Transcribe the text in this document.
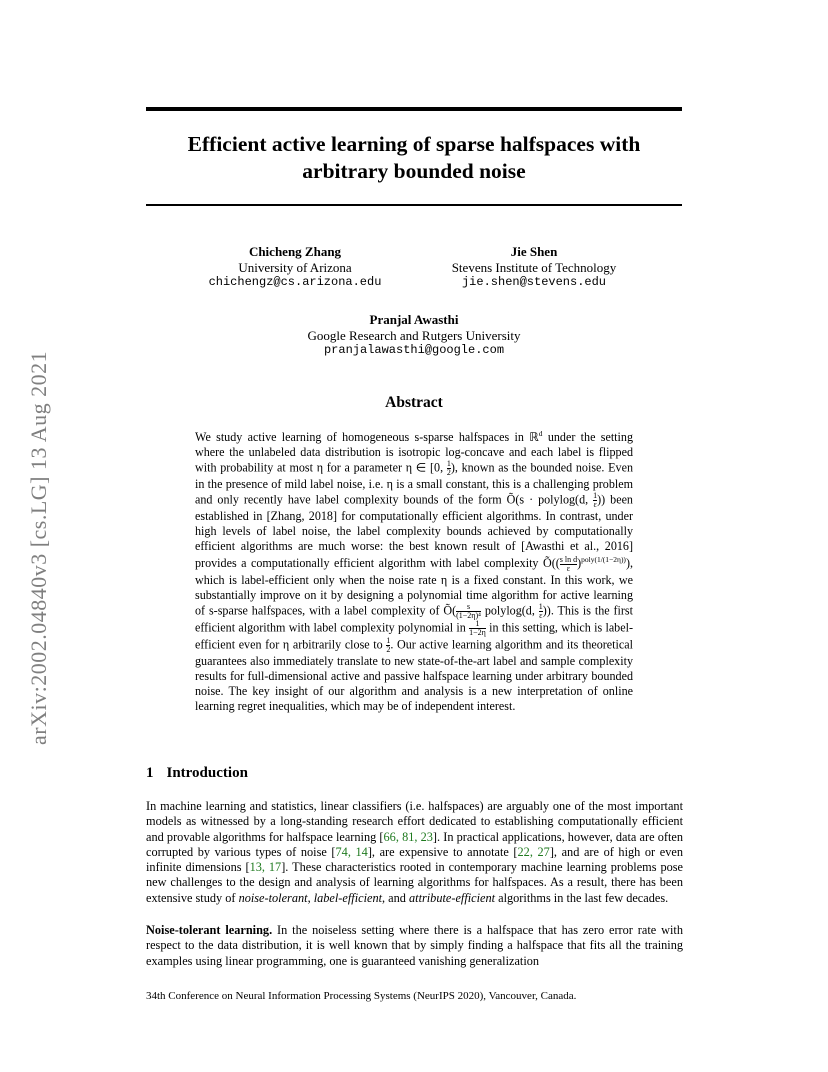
arXiv:2002.04840v3 [cs.LG] 13 Aug 2021
Efficient active learning of sparse halfspaces with arbitrary bounded noise
Chicheng Zhang
University of Arizona
chichengz@cs.arizona.edu
Jie Shen
Stevens Institute of Technology
jie.shen@stevens.edu
Pranjal Awasthi
Google Research and Rutgers University
pranjalawasthi@google.com
Abstract

We study active learning of homogeneous s-sparse halfspaces in ℝ$^d$ under the setting where the unlabeled data distribution is isotropic log-concave and each label is flipped with probability at most η for a parameter η ∈ [0, $\frac{1}{2}$ ), known as the bounded noise. Even in the presence of mild label noise, i.e. η is a small constant, this is a challenging problem and only recently have label complexity bounds of the form Õ(s · polylog(d, $\frac{1}{\varepsilon}$ )) been established in [Zhang, 2018] for computationally efficient algorithms. In contrast, under high levels of label noise, the label complexity bounds achieved by computationally efficient algorithms are much worse: the best known result of [Awasthi et al., 2016] provides a computationally efficient algorithm with label complexity Õ(( $\frac{\text{s ln d}}{\varepsilon} )^{poly(1/(1-2\eta))}$), which is label-efficient only when the noise rate η is a fixed constant. In this work, we substantially improve on it by designing a polynomial time algorithm for active learning of s-sparse halfspaces, with a label complexity of Õ( $\frac{s}{\text{(1−2η)⁴}}$ polylog(d, $\frac{1}{\varepsilon}$ )). This is the first efficient algorithm with label complexity polynomial in $\frac{1}{1-2\eta}$ in this setting, which is label-efficient even for η arbitrarily close to $\frac{1}{2}$ . Our active learning algorithm and its theoretical guarantees also immediately translate to new state-of-the-art label and sample complexity results for full-dimensional active and passive halfspace learning under arbitrary bounded noise. The key insight of our algorithm and analysis is a new interpretation of online learning regret inequalities, which may be of independent interest.

1 Introduction

In machine learning and statistics, linear classifiers (i.e. halfspaces) are arguably one of the most important models as witnessed by a long-standing research effort dedicated to establishing computationally efficient and provable algorithms for halfspace learning [66, 81, 23]. In practical applications, however, data are often corrupted by various types of noise [74, 14], are expensive to annotate [22, 27], and are of high or even infinite dimensions [13, 17]. These characteristics rooted in contemporary machine learning problems pose new challenges to the design and analysis of learning algorithms for halfspaces. As a result, there has been extensive study of noise-tolerant, label-efficient, and attribute-efficient algorithms in the last few decades.

Noise-tolerant learning. In the noiseless setting where there is a halfspace that has zero error rate with respect to the data distribution, it is well known that by simply finding a halfspace that fits all the training examples using linear programming, one is guaranteed vanishing generalization

34th Conference on Neural Information Processing Systems (NeurIPS 2020), Vancouver, Canada.
